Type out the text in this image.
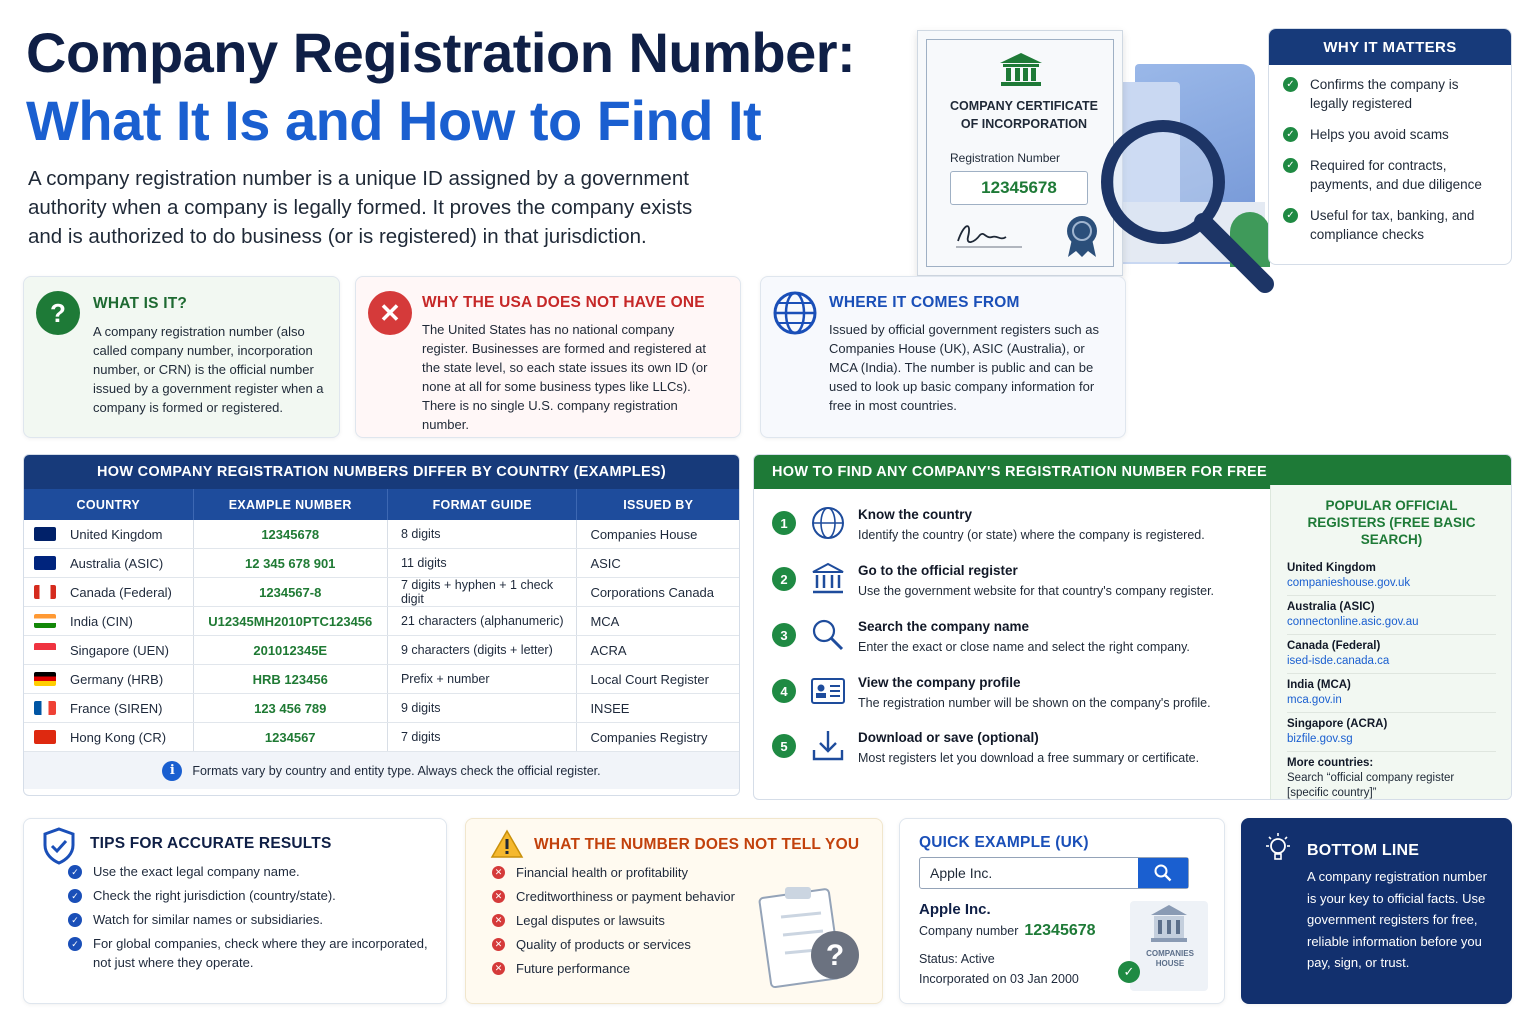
Company Registration Number:
What It Is and How to Find It
A company registration number is a unique ID assigned by a government authority when a company is legally formed. It proves the company exists and is authorized to do business (or is registered) in that jurisdiction.
COMPANY CERTIFICATE OF INCORPORATION
Registration Number
12345678
WHY IT MATTERS
✓ Confirms the company is legally registered
✓ Helps you avoid scams
✓ Required for contracts, payments, and due diligence
✓ Useful for tax, banking, and compliance checks
?	WHAT IS IT?

A company registration number (also called company number, incorporation number, or CRN) is the official number issued by a government register when a company is formed or registered.

✕	WHY THE USA DOES NOT HAVE ONE

The United States has no national company register. Businesses are formed and registered at the state level, so each state issues its own ID (or none at all for some business types like LLCs). There is no single U.S. company registration number.

WHERE IT COMES FROM

Issued by official government registers such as Companies House (UK), ASIC (Australia), or MCA (India). The number is public and can be used to look up basic company information for free in most countries.

HOW COMPANY REGISTRATION NUMBERS DIFFER BY COUNTRY (EXAMPLES)
COUNTRY	EXAMPLE NUMBER	FORMAT GUIDE	ISSUED BY
United Kingdom	12345678	8 digits	Companies House
Australia (ASIC)	12 345 678 901	11 digits	ASIC
Canada (Federal)	1234567-8	7 digits + hyphen + 1 check digit	Corporations Canada
India (CIN)	U12345MH2010PTC123456	21 characters (alphanumeric)	MCA
Singapore (UEN)	201012345E	9 characters (digits + letter)	ACRA
Germany (HRB)	HRB 123456	Prefix + number	Local Court Register
France (SIREN)	123 456 789	9 digits	INSEE
Hong Kong (CR)	1234567	7 digits	Companies Registry
i	Formats vary by country and entity type. Always check the official register.
HOW TO FIND ANY COMPANY'S REGISTRATION NUMBER FOR FREE
1
Know the country
Identify the country (or state) where the company is registered.
2
Go to the official register
Use the government website for that country's company register.
3
Search the company name
Enter the exact or close name and select the right company.
4
View the company profile
The registration number will be shown on the company's profile.
5
Download or save (optional)
Most registers let you download a free summary or certificate.
POPULAR OFFICIAL REGISTERS (FREE BASIC SEARCH)
United Kingdom
companieshouse.gov.uk
Australia (ASIC)
connectonline.asic.gov.au
Canada (Federal)
ised-isde.canada.ca
India (MCA)
mca.gov.in
Singapore (ACRA)
bizfile.gov.sg
More countries:
Search “official company register [specific country]”
TIPS FOR ACCURATE RESULTS
✓ Use the exact legal company name.
✓ Check the right jurisdiction (country/state).
✓ Watch for similar names or subsidiaries.
✓ For global companies, check where they are incorporated, not just where they operate.
WHAT THE NUMBER DOES NOT TELL YOU
✕ Financial health or profitability
✕ Creditworthiness or payment behavior
✕ Legal disputes or lawsuits
✕ Quality of products or services
✕ Future performance	?
QUICK EXAMPLE (UK)
Apple Inc.
Apple Inc.
Company number 12345678
Status: Active
Incorporated on 03 Jan 2000
COMPANIES HOUSE
✓
BOTTOM LINE

A company registration number is your key to official facts. Use government registers for free, reliable information before you pay, sign, or trust.
